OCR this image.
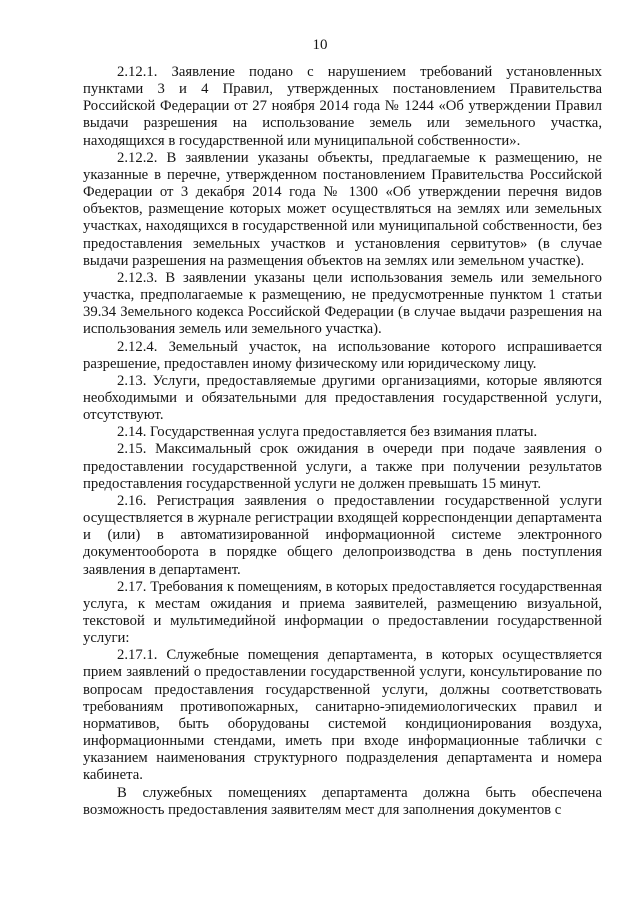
10

2.12.1. Заявление подано с нарушением требований установленных пунктами 3 и 4 Правил, утвержденных постановлением Правительства Российской Федерации от 27 ноября 2014 года № 1244 «Об утверждении Правил выдачи разрешения на использование земель или земельного участка, находящихся в государственной или муниципальной собственности».

2.12.2. В заявлении указаны объекты, предлагаемые к размещению, не указанные в перечне, утвержденном постановлением Правительства Российской Федерации от 3 декабря 2014 года № 1300 «Об утверждении перечня видов объектов, размещение которых может осуществляться на землях или земельных участках, находящихся в государственной или муниципальной собственности, без предоставления земельных участков и установления сервитутов» (в случае выдачи разрешения на размещения объектов на землях или земельном участке).

2.12.3. В заявлении указаны цели использования земель или земельного участка, предполагаемые к размещению, не предусмотренные пунктом 1 статьи 39.34 Земельного кодекса Российской Федерации (в случае выдачи разрешения на использования земель или земельного участка).

2.12.4. Земельный участок, на использование которого испрашивается разрешение, предоставлен иному физическому или юридическому лицу.

2.13. Услуги, предоставляемые другими организациями, которые являются необходимыми и обязательными для предоставления государственной услуги, отсутствуют.

2.14. Государственная услуга предоставляется без взимания платы.

2.15. Максимальный срок ожидания в очереди при подаче заявления о предоставлении государственной услуги, а также при получении результатов предоставления государственной услуги не должен превышать 15 минут.

2.16. Регистрация заявления о предоставлении государственной услуги осуществляется в журнале регистрации входящей корреспонденции департамента и (или) в автоматизированной информационной системе электронного документооборота в порядке общего делопроизводства в день поступления заявления в департамент.

2.17. Требования к помещениям, в которых предоставляется государственная услуга, к местам ожидания и приема заявителей, размещению визуальной, текстовой и мультимедийной информации о предоставлении государственной услуги:

2.17.1. Служебные помещения департамента, в которых осуществляется прием заявлений о предоставлении государственной услуги, консультирование по вопросам предоставления государственной услуги, должны соответствовать требованиям противопожарных, санитарно-эпидемиологических правил и нормативов, быть оборудованы системой кондиционирования воздуха, информационными стендами, иметь при входе информационные таблички с указанием наименования структурного подразделения департамента и номера кабинета.

В служебных помещениях департамента должна быть обеспечена возможность предоставления заявителям мест для заполнения документов с
